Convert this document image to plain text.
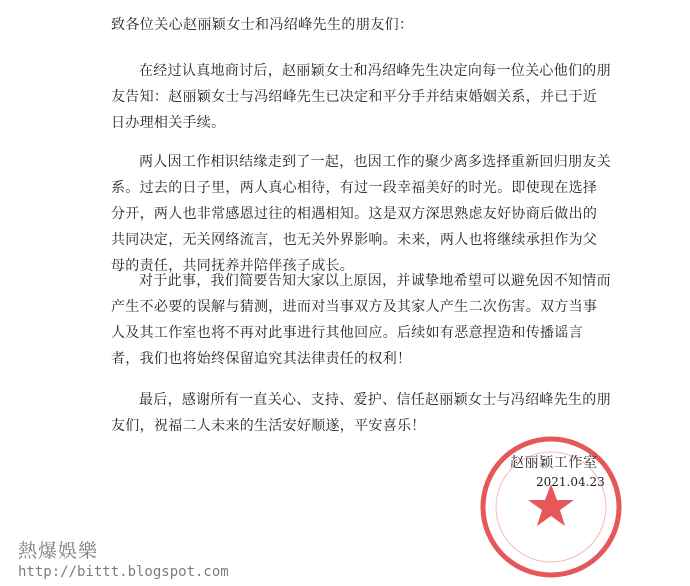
致各位关心赵丽颖女士和冯绍峰先生的朋友们：

在经过认真地商讨后，赵丽颖女士和冯绍峰先生决定向每一位关心他们的朋友告知：赵丽颖女士与冯绍峰先生已决定和平分手并结束婚姻关系，并已于近日办理相关手续。

两人因工作相识结缘走到了一起，也因工作的聚少离多选择重新回归朋友关系。过去的日子里，两人真心相待，有过一段幸福美好的时光。即使现在选择分开，两人也非常感恩过往的相遇相知。这是双方深思熟虑友好协商后做出的共同决定，无关网络流言，也无关外界影响。未来，两人也将继续承担作为父母的责任，共同抚养并陪伴孩子成长。

对于此事，我们简要告知大家以上原因，并诚挚地希望可以避免因不知情而产生不必要的误解与猜测，进而对当事双方及其家人产生二次伤害。双方当事人及其工作室也将不再对此事进行其他回应。后续如有恶意捏造和传播谣言者，我们也将始终保留追究其法律责任的权利！

最后，感谢所有一直关心、支持、爱护、信任赵丽颖女士与冯绍峰先生的朋友们，祝福二人未来的生活安好顺遂，平安喜乐！

赵丽颖工作室
2021.04.23
熱爆娛樂
http://bittt.blogspot.com
